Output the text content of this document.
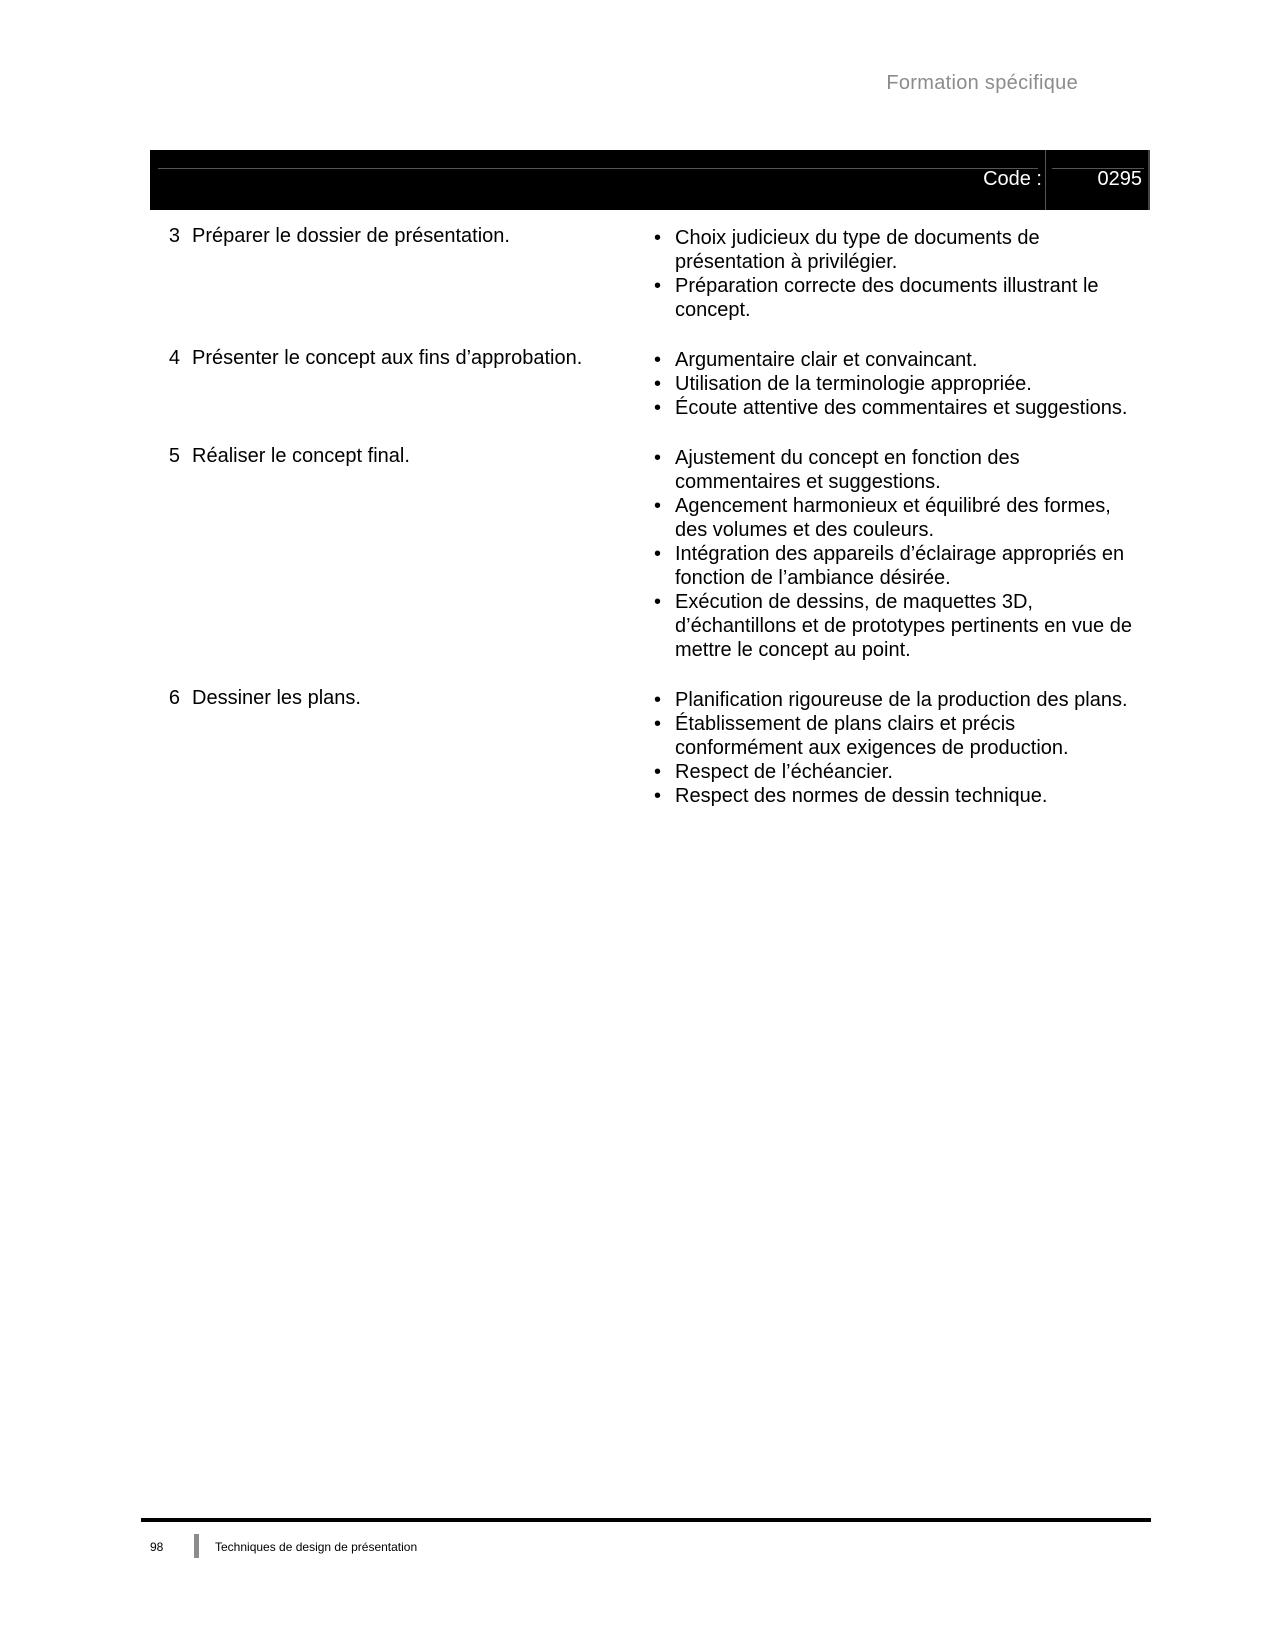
Formation spécifique
Code :	0295
3 Préparer le dossier de présentation.	• Choix judicieux du type de documents de présentation à privilégier.
• Préparation correcte des documents illustrant le concept.
4 Présenter le concept aux fins d’approbation.	• Argumentaire clair et convaincant.
• Utilisation de la terminologie appropriée.
• Écoute attentive des commentaires et suggestions.
5 Réaliser le concept final.	• Ajustement du concept en fonction des commentaires et suggestions.
• Agencement harmonieux et équilibré des formes, des volumes et des couleurs.
• Intégration des appareils d’éclairage appropriés en fonction de l’ambiance désirée.
• Exécution de dessins, de maquettes 3D, d’échantillons et de prototypes pertinents en vue de mettre le concept au point.
6 Dessiner les plans.	• Planification rigoureuse de la production des plans.
• Établissement de plans clairs et précis conformément aux exigences de production.
• Respect de l’échéancier.
• Respect des normes de dessin technique.
98	Techniques de design de présentation
